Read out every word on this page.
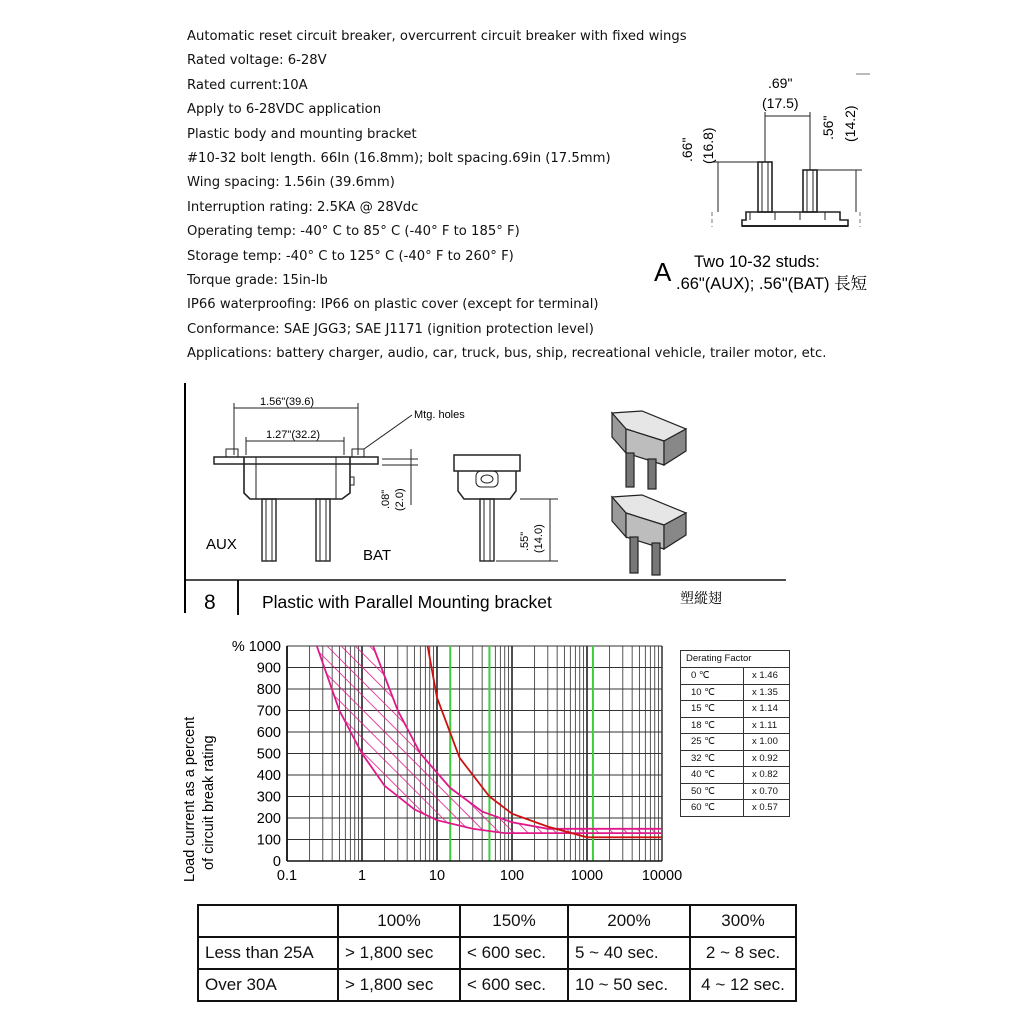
Automatic reset circuit breaker, overcurrent circuit breaker with fixed wings
Rated voltage: 6-28V
Rated current:10A
Apply to 6-28VDC application
Plastic body and mounting bracket
#10-32 bolt length. 66In (16.8mm); bolt spacing.69in (17.5mm)
Wing spacing: 1.56in (39.6mm)
Interruption rating: 2.5KA @ 28Vdc
Operating temp: -40° C to 85° C (-40° F to 185° F)
Storage temp: -40° C to 125° C (-40° F to 260° F)
Torque grade: 15in-lb
IP66 waterproofing: IP66 on plastic cover (except for terminal)
Conformance: SAE JGG3; SAE J1171 (ignition protection level)
Applications: battery charger, audio, car, truck, bus, ship, recreational vehicle, trailer motor, etc.
.69"
(17.5)
.66" (16.8)	.56" (14.2)
A Two 10-32 studs:
.66"(AUX); .56"(BAT) 長短
1.56"(39.6)
1.27"(32.2)
Mtg. holes
.08" (2.0)
.55" (14.0)
AUX
BAT
8	Plastic with Parallel Mounting bracket	塑縱翅
% 1000
900
800
700
600
500
400
300
200
100
0
0.1	1	10	100	1000	10000
Load current as a percent of circuit break rating
Derating Factor
0 ℃	x 1.46
10 ℃	x 1.35
15 ℃	x 1.14
18 ℃	x 1.11
25 ℃	x 1.00
32 ℃	x 0.92
40 ℃	x 0.82
50 ℃	x 0.70
60 ℃	x 0.57
	100%	150%	200%	300%
Less than 25A	> 1,800 sec	< 600 sec.	5 ~ 40 sec.	2 ~ 8 sec.
Over 30A	> 1,800 sec	< 600 sec.	10 ~ 50 sec.	4 ~ 12 sec.
